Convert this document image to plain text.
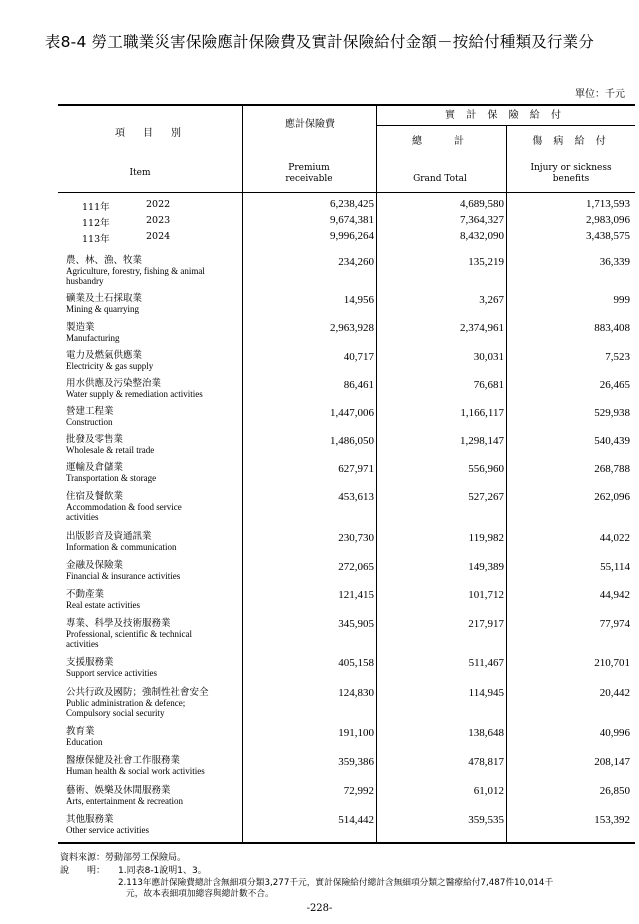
表8-4 勞工職業災害保險應計保險費及實計保險給付金額－按給付種類及行業分
單位：千元
項　目　別
Item
應計保險費
Premium receivable
實 計 保 險 給 付
總　　計
Grand Total
傷 病 給 付
Injury or sickness benefits
111年	2022	6,238,425	4,689,580	1,713,593
112年	2023	9,674,381	7,364,327	2,983,096
113年	2024	9,996,264	8,432,090	3,438,575
農、林、漁、牧業
Agriculture, forestry, fishing & animal husbandry
234,260	135,219	36,339
礦業及土石採取業
Mining & quarrying
14,956	3,267	999
製造業
Manufacturing
2,963,928	2,374,961	883,408
電力及燃氣供應業
Electricity & gas supply
40,717	30,031	7,523
用水供應及污染整治業
Water supply & remediation activities
86,461	76,681	26,465
營建工程業
Construction
1,447,006	1,166,117	529,938
批發及零售業
Wholesale & retail trade
1,486,050	1,298,147	540,439
運輸及倉儲業
Transportation & storage
627,971	556,960	268,788
住宿及餐飲業
Accommodation & food service activities
453,613	527,267	262,096
出版影音及資通訊業
Information & communication
230,730	119,982	44,022
金融及保險業
Financial & insurance activities
272,065	149,389	55,114
不動產業
Real estate activities
121,415	101,712	44,942
專業、科學及技術服務業
Professional, scientific & technical activities
345,905	217,917	77,974
支援服務業
Support service activities
405,158	511,467	210,701
公共行政及國防；強制性社會安全
Public administration & defence; Compulsory social security
124,830	114,945	20,442
教育業
Education
191,100	138,648	40,996
醫療保健及社會工作服務業
Human health & social work activities
359,386	478,817	208,147
藝術、娛樂及休閒服務業
Arts, entertainment & recreation
72,992	61,012	26,850
其他服務業
Other service activities
514,442	359,535	153,392
資料來源：勞動部勞工保險局。
說　　明： 1.同表8-1說明1、3。
2.113年應計保險費總計含無細項分類3,277千元，實計保險給付總計含無細項分類之醫療給付7,487件10,014千
元，故本表細項加總容與總計數不合。
-228-
